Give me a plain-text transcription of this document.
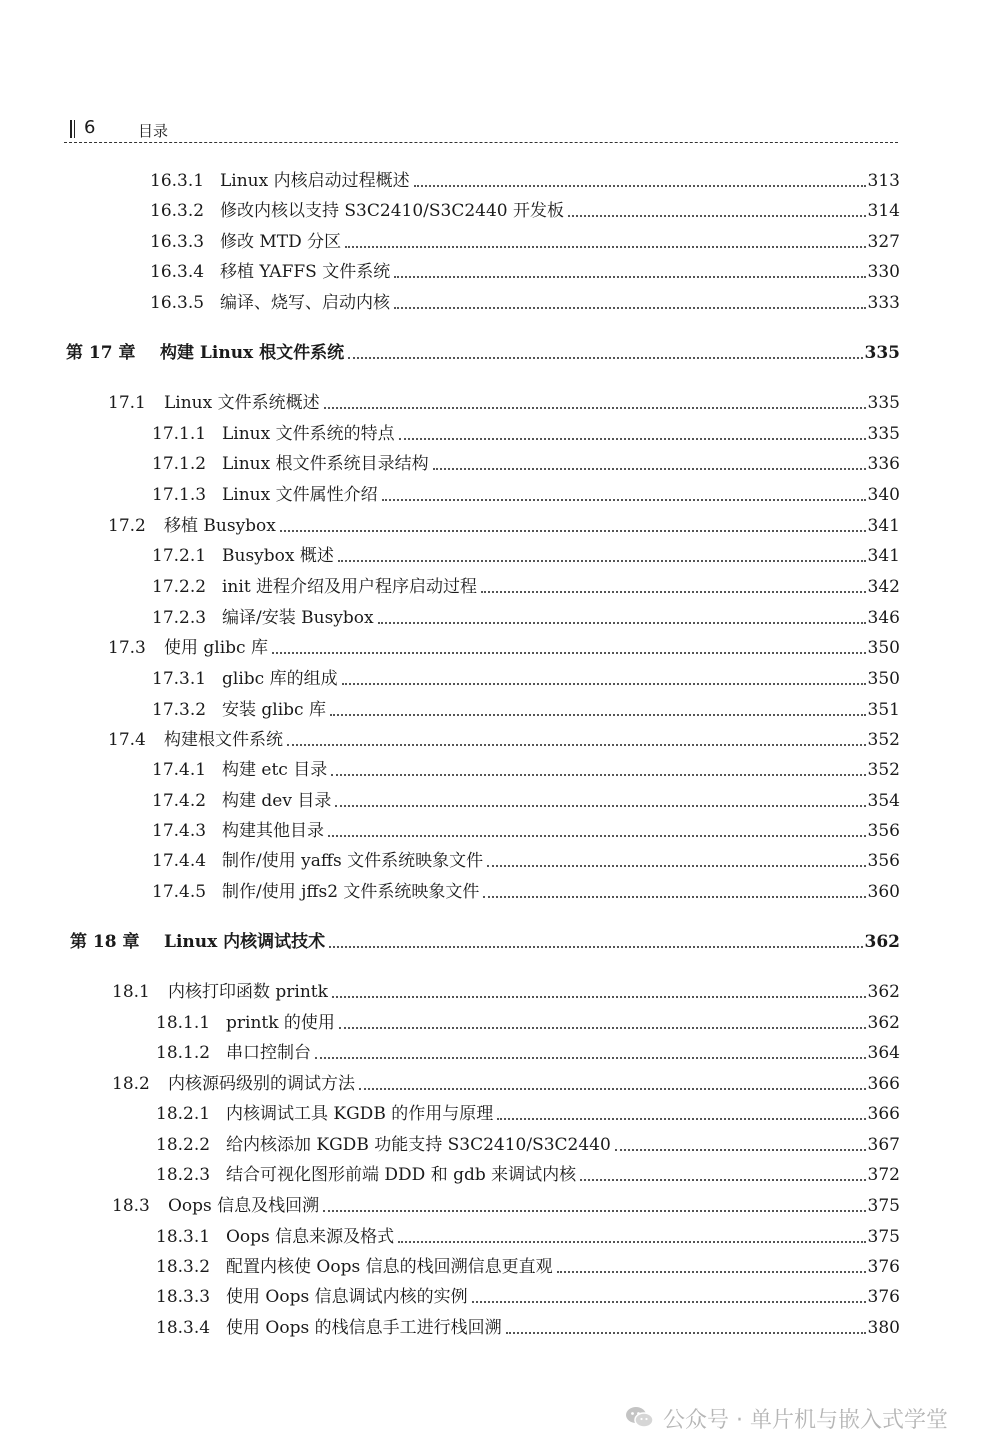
6	目录
16.3.1 Linux 内核启动过程概述	313
16.3.2 修改内核以支持 S3C2410/S3C2440 开发板	314
16.3.3 修改 MTD 分区	327
16.3.4 移植 YAFFS 文件系统	330
16.3.5 编译、烧写、启动内核	333
第 17 章	构建 Linux 根文件系统	335
17.1	Linux 文件系统概述	335
17.1.1 Linux 文件系统的特点	335
17.1.2 Linux 根文件系统目录结构	336
17.1.3 Linux 文件属性介绍	340
17.2	移植 Busybox	341
17.2.1 Busybox 概述	341
17.2.2 init 进程介绍及用户程序启动过程	342
17.2.3 编译/安装 Busybox	346
17.3	使用 glibc 库	350
17.3.1 glibc 库的组成	350
17.3.2 安装 glibc 库	351
17.4	构建根文件系统	352
17.4.1 构建 etc 目录	352
17.4.2 构建 dev 目录	354
17.4.3 构建其他目录	356
17.4.4 制作/使用 yaffs 文件系统映象文件	356
17.4.5 制作/使用 jffs2 文件系统映象文件	360
第 18 章	Linux 内核调试技术	362
18.1	内核打印函数 printk	362
18.1.1 printk 的使用	362
18.1.2 串口控制台	364
18.2	内核源码级别的调试方法	366
18.2.1 内核调试工具 KGDB 的作用与原理	366
18.2.2 给内核添加 KGDB 功能支持 S3C2410/S3C2440	367
18.2.3 结合可视化图形前端 DDD 和 gdb 来调试内核	372
18.3	Oops 信息及栈回溯	375
18.3.1 Oops 信息来源及格式	375
18.3.2 配置内核使 Oops 信息的栈回溯信息更直观	376
18.3.3 使用 Oops 信息调试内核的实例	376
18.3.4 使用 Oops 的栈信息手工进行栈回溯	380
公众号 · 单片机与嵌入式学堂
